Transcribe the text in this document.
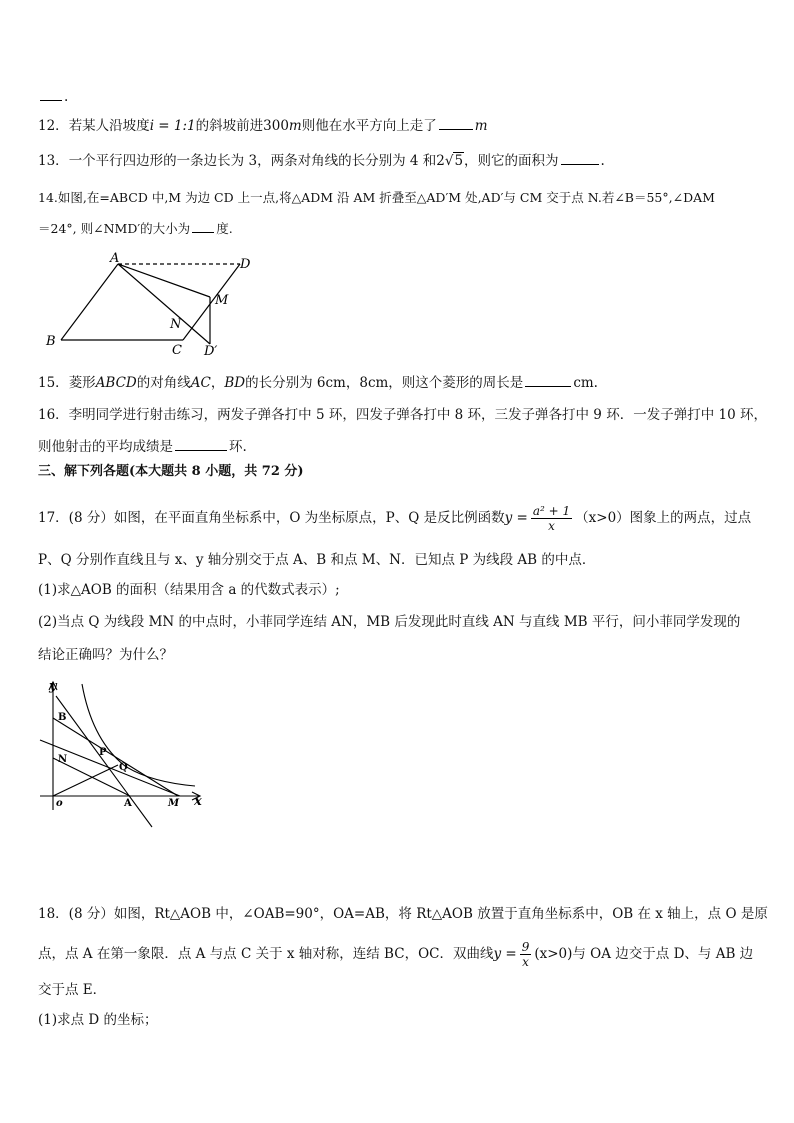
.
12．若某人沿坡度i = 1:1的斜坡前进300m则他在水平方向上走了	m
13．一个平行四边形的一条边长为 3，两条对角线的长分别为 4 和2√5，则它的面积为	.
14.如图,在=ABCD 中,M 为边 CD 上一点,将△ADM 沿 AM 折叠至△AD′M 处,AD′与 CM 交于点 N.若∠B＝55°,∠DAM
＝24°, 则∠NMD′的大小为 度.
A
B
C
D
M
N
D′
15．菱形ABCD的对角线AC，BD的长分别为 6cm，8cm，则这个菱形的周长是	cm.
16．李明同学进行射击练习，两发子弹各打中 5 环，四发子弹各打中 8 环，三发子弹各打中 9 环．一发子弹打中 10 环，
则他射击的平均成绩是	环.
三、解下列各题(本大题共 8 小题，共 72 分)
17．(8 分）如图，在平面直角坐标系中，O 为坐标原点，P、Q 是反比例函数$y = \frac{\text{a² + 1}}{x} (x>0)$图象上的两点，过点
P、Q 分别作直线且与 x、y 轴分别交于点 A、B 和点 M、N．已知点 P 为线段 AB 的中点．
(1)求△AOB 的面积（结果用含 a 的代数式表示）;
(2)当点 Q 为线段 MN 的中点时，小菲同学连结 AN，MB 后发现此时直线 AN 与直线 MB 平行，问小菲同学发现的
结论正确吗？为什么？
y
x
B
N
P
Q
o	A	M
18．(8 分）如图，Rt△AOB 中，∠OAB=90°，OA=AB，将 Rt△AOB 放置于直角坐标系中，OB 在 x 轴上，点 O 是原
点，点 A 在第一象限．点 A 与点 C 关于 x 轴对称，连结 BC，OC．双曲线$y = \frac{9}{x} (x>0)$与 OA 边交于点 D、与 AB 边
交于点 E．
(1)求点 D 的坐标；
